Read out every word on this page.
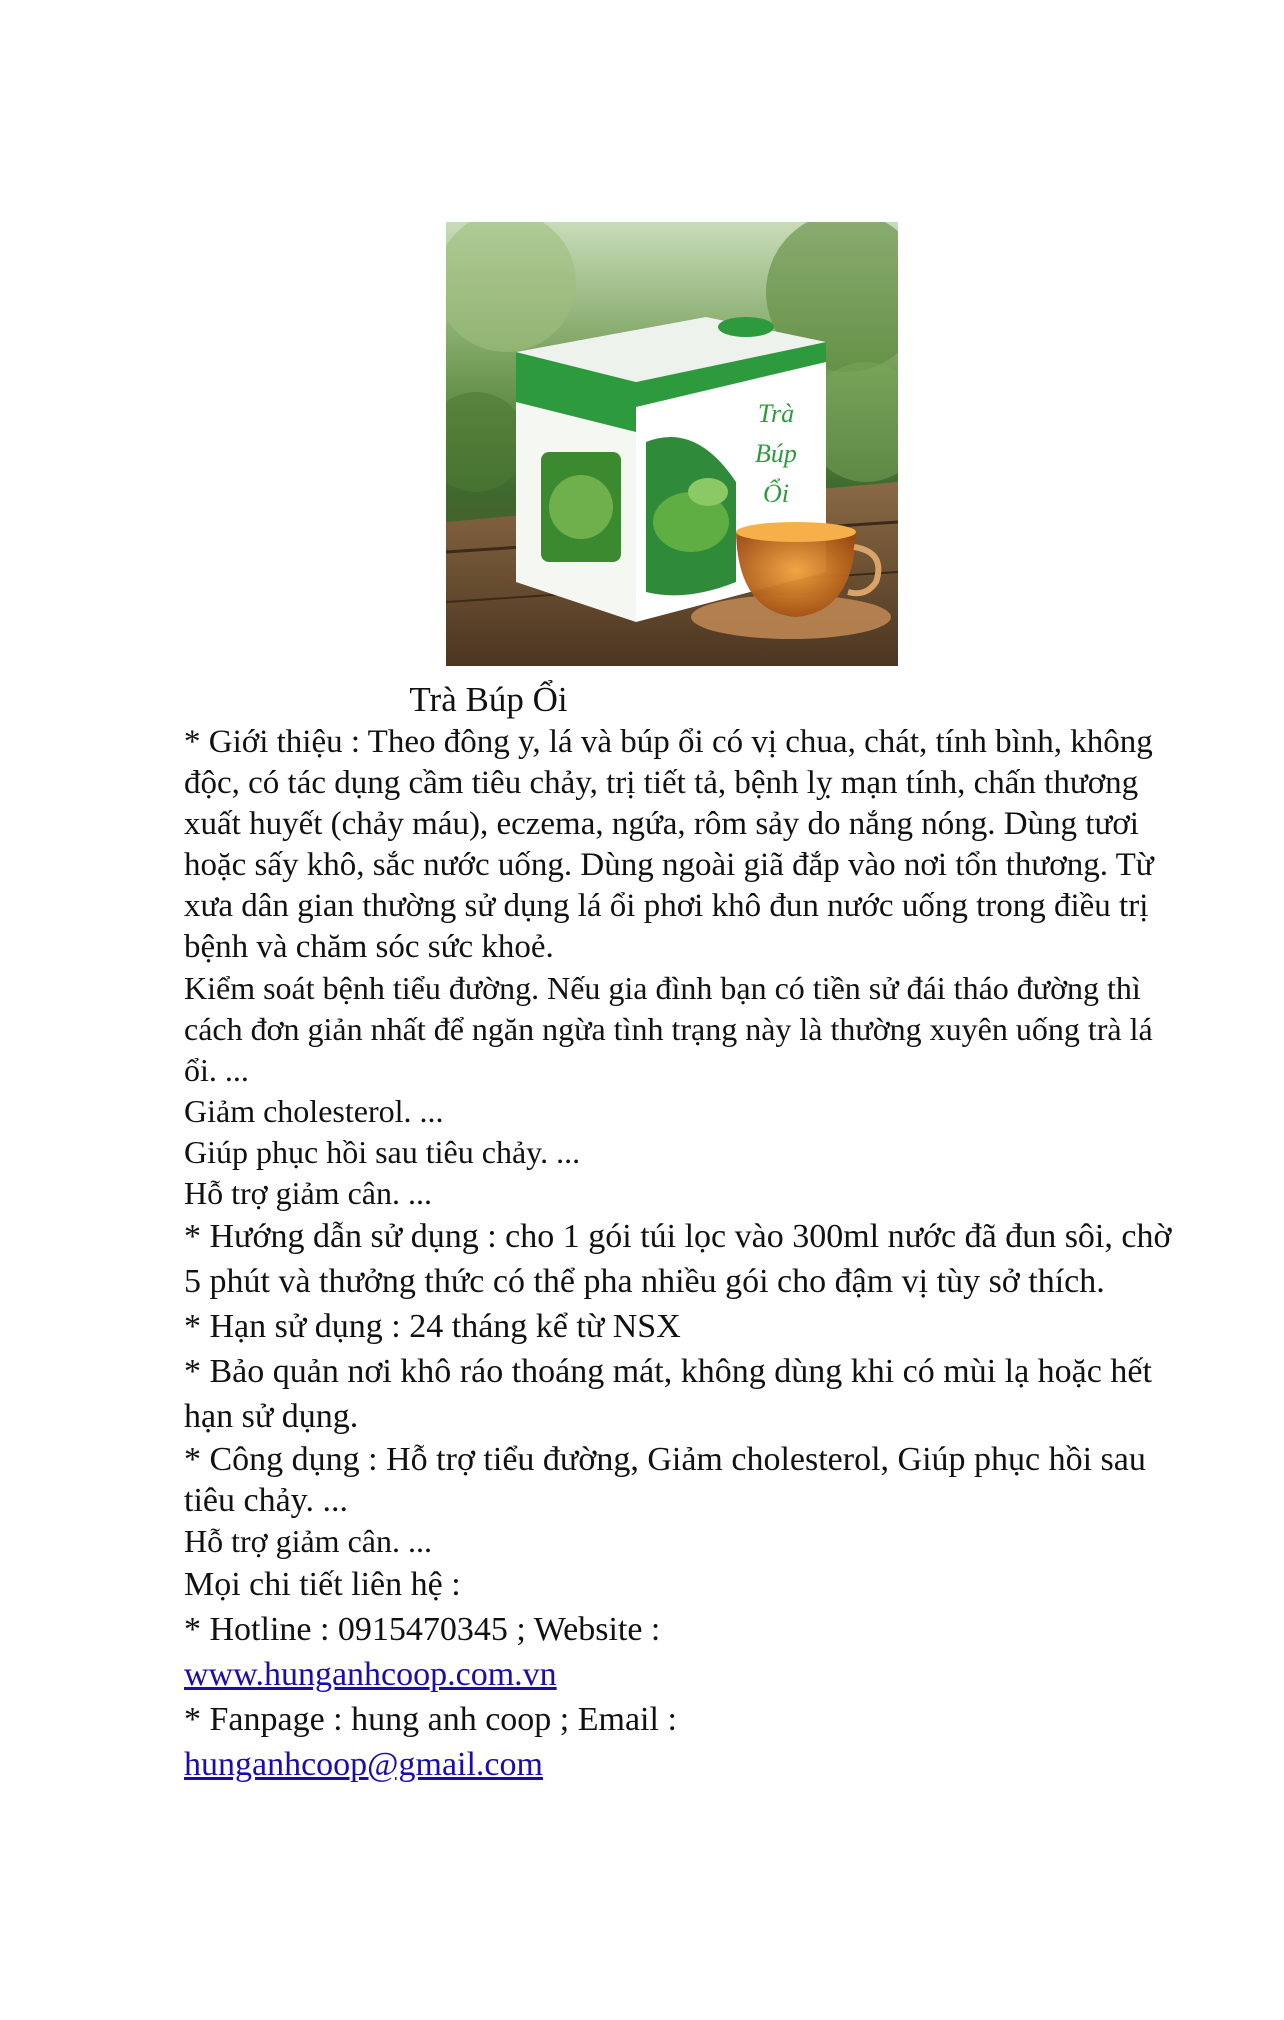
Trà
Búp
Ổi
Trà Búp Ổi

* Giới thiệu : Theo đông y, lá và búp ổi có vị chua, chát, tính bình, không độc, có tác dụng cầm tiêu chảy, trị tiết tả, bệnh lỵ mạn tính, chấn thương xuất huyết (chảy máu), eczema, ngứa, rôm sảy do nắng nóng. Dùng tươi hoặc sấy khô, sắc nước uống. Dùng ngoài giã đắp vào nơi tổn thương. Từ xưa dân gian thường sử dụng lá ổi phơi khô đun nước uống trong điều trị bệnh và chăm sóc sức khoẻ.

Kiểm soát bệnh tiểu đường. Nếu gia đình bạn có tiền sử đái tháo đường thì cách đơn giản nhất để ngăn ngừa tình trạng này là thường xuyên uống trà lá ổi. ...

Giảm cholesterol. ...

Giúp phục hồi sau tiêu chảy. ...

Hỗ trợ giảm cân. ...

* Hướng dẫn sử dụng : cho 1 gói túi lọc vào 300ml nước đã đun sôi, chờ 5 phút và thưởng thức có thể pha nhiều gói cho đậm vị tùy sở thích.

* Hạn sử dụng : 24 tháng kể từ NSX

* Bảo quản nơi khô ráo thoáng mát, không dùng khi có mùi lạ hoặc hết hạn sử dụng.

* Công dụng : Hỗ trợ tiểu đường, Giảm cholesterol, Giúp phục hồi sau tiêu chảy. ...

Hỗ trợ giảm cân. ...

Mọi chi tiết liên hệ :

* Hotline : 0915470345 ; Website :

www.hunganhcoop.com.vn

* Fanpage : hung anh coop ; Email :

hunganhcoop@gmail.com
